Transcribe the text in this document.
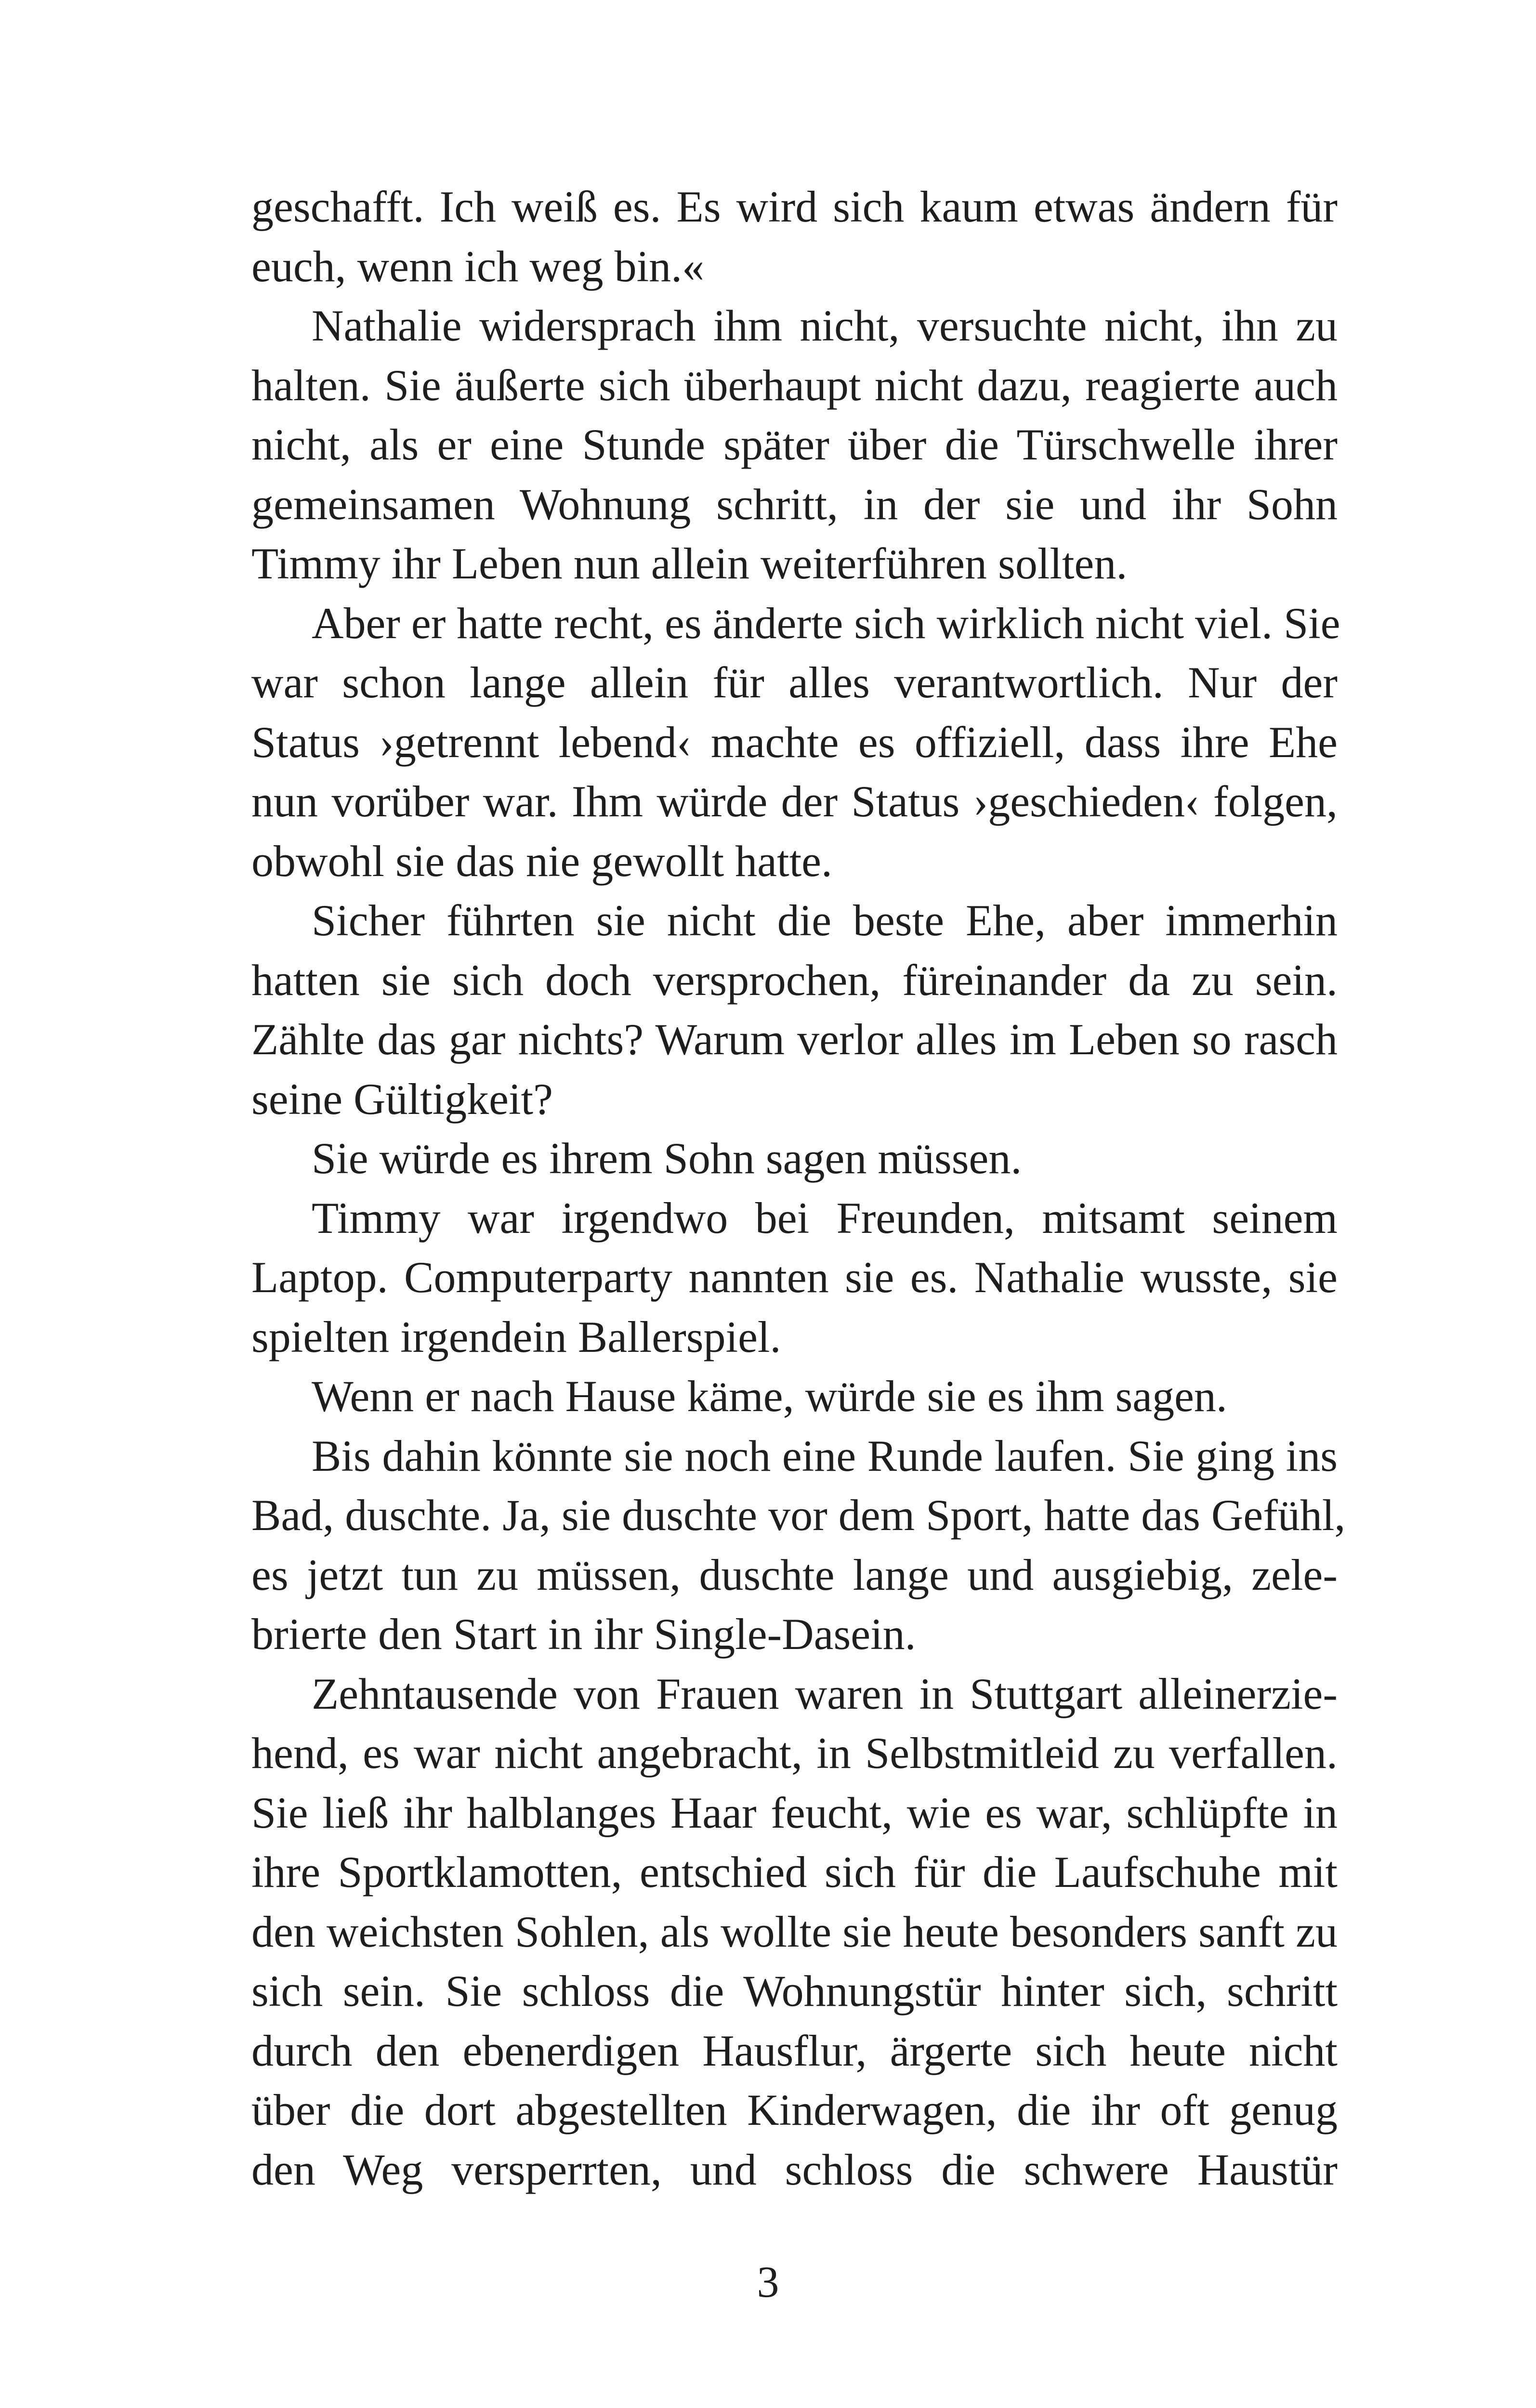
geschafft. Ich weiß es. Es wird sich kaum etwas ändern für
euch, wenn ich weg bin.«
Nathalie widersprach ihm nicht, versuchte nicht, ihn zu
halten. Sie äußerte sich überhaupt nicht dazu, reagierte auch
nicht, als er eine Stunde später über die Türschwelle ihrer
gemeinsamen Wohnung schritt, in der sie und ihr Sohn
Timmy ihr Leben nun allein weiterführen sollten.
Aber er hatte recht, es änderte sich wirklich nicht viel. Sie
war schon lange allein für alles verantwortlich. Nur der
Status ›getrennt lebend‹ machte es offiziell, dass ihre Ehe
nun vorüber war. Ihm würde der Status ›geschieden‹ folgen,
obwohl sie das nie gewollt hatte.
Sicher führten sie nicht die beste Ehe, aber immerhin
hatten sie sich doch versprochen, füreinander da zu sein.
Zählte das gar nichts? Warum verlor alles im Leben so rasch
seine Gültigkeit?
Sie würde es ihrem Sohn sagen müssen.
Timmy war irgendwo bei Freunden, mitsamt seinem
Laptop. Computerparty nannten sie es. Nathalie wusste, sie
spielten irgendein Ballerspiel.
Wenn er nach Hause käme, würde sie es ihm sagen.
Bis dahin könnte sie noch eine Runde laufen. Sie ging ins
Bad, duschte. Ja, sie duschte vor dem Sport, hatte das Gefühl,
es jetzt tun zu müssen, duschte lange und ausgiebig, zele-
brierte den Start in ihr Single-Dasein.
Zehntausende von Frauen waren in Stuttgart alleinerzie-
hend, es war nicht angebracht, in Selbstmitleid zu verfallen.
Sie ließ ihr halblanges Haar feucht, wie es war, schlüpfte in
ihre Sportklamotten, entschied sich für die Laufschuhe mit
den weichsten Sohlen, als wollte sie heute besonders sanft zu
sich sein. Sie schloss die Wohnungstür hinter sich, schritt
durch den ebenerdigen Hausflur, ärgerte sich heute nicht
über die dort abgestellten Kinderwagen, die ihr oft genug
den Weg versperrten, und schloss die schwere Haustür
3
